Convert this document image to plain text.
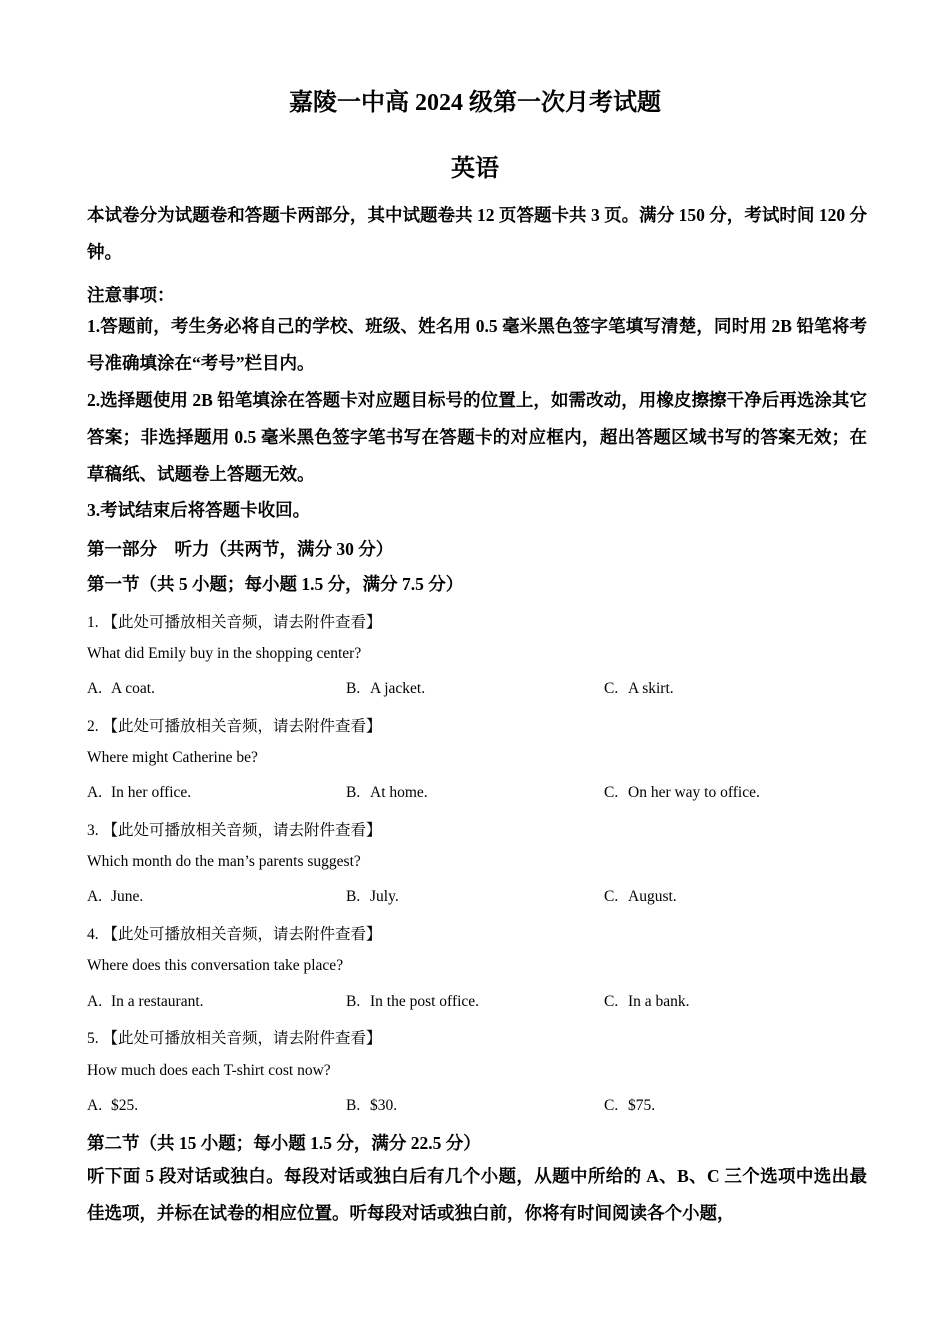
嘉陵一中高 2024 级第一次月考试题
英语
本试卷分为试题卷和答题卡两部分，其中试题卷共 12 页答题卡共 3 页。满分 150 分，考试时间 120 分钟。
注意事项：
1.答题前，考生务必将自己的学校、班级、姓名用 0.5 毫米黑色签字笔填写清楚，同时用 2B 铅笔将考号准确填涂在“考号”栏目内。
2.选择题使用 2B 铅笔填涂在答题卡对应题目标号的位置上，如需改动，用橡皮擦擦干净后再选涂其它答案；非选择题用 0.5 毫米黑色签字笔书写在答题卡的对应框内，超出答题区域书写的答案无效；在草稿纸、试题卷上答题无效。
3.考试结束后将答题卡收回。
第一部分　听力（共两节，满分 30 分）
第一节（共 5 小题；每小题 1.5 分，满分 7.5 分）
1. 【此处可播放相关音频，请去附件查看】
What did Emily buy in the shopping center?
A. A coat.	B. A jacket.	C. A skirt.
2. 【此处可播放相关音频，请去附件查看】
Where might Catherine be?
A. In her office.	B. At home.	C. On her way to office.
3. 【此处可播放相关音频，请去附件查看】
Which month do the man’s parents suggest?
A. June.	B. July.	C. August.
4. 【此处可播放相关音频，请去附件查看】
Where does this conversation take place?
A. In a restaurant.	B. In the post office.	C. In a bank.
5. 【此处可播放相关音频，请去附件查看】
How much does each T-shirt cost now?
A. $25.	B. $30.	C. $75.
第二节（共 15 小题；每小题 1.5 分，满分 22.5 分）
听下面 5 段对话或独白。每段对话或独白后有几个小题，从题中所给的 A、B、C 三个选项中选出最佳选项，并标在试卷的相应位置。听每段对话或独白前，你将有时间阅读各个小题，
